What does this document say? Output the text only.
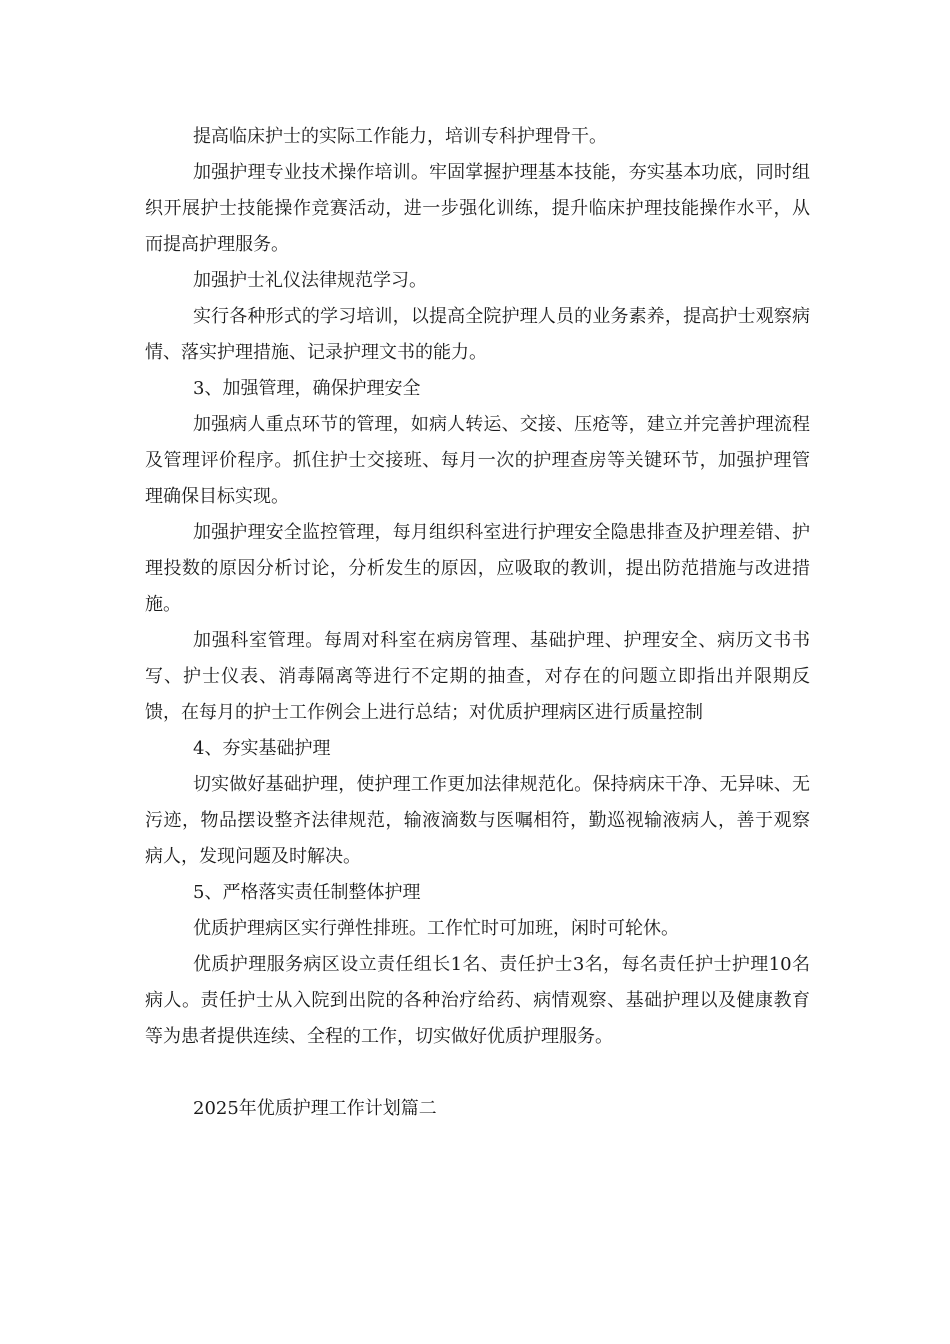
提高临床护士的实际工作能力，培训专科护理骨干。

加强护理专业技术操作培训。牢固掌握护理基本技能，夯实基本功底，同时组织开展护士技能操作竞赛活动，进一步强化训练，提升临床护理技能操作水平，从而提高护理服务。

加强护士礼仪法律规范学习。

实行各种形式的学习培训，以提高全院护理人员的业务素养，提高护士观察病情、落实护理措施、记录护理文书的能力。

3、加强管理，确保护理安全

加强病人重点环节的管理，如病人转运、交接、压疮等，建立并完善护理流程及管理评价程序。抓住护士交接班、每月一次的护理查房等关键环节，加强护理管理确保目标实现。

加强护理安全监控管理，每月组织科室进行护理安全隐患排查及护理差错、护理投数的原因分析讨论，分析发生的原因，应吸取的教训，提出防范措施与改进措施。

加强科室管理。每周对科室在病房管理、基础护理、护理安全、病历文书书写、护士仪表、消毒隔离等进行不定期的抽查，对存在的问题立即指出并限期反馈，在每月的护士工作例会上进行总结；对优质护理病区进行质量控制

4、夯实基础护理

切实做好基础护理，使护理工作更加法律规范化。保持病床干净、无异味、无污迹，物品摆设整齐法律规范，输液滴数与医嘱相符，勤巡视输液病人，善于观察病人，发现问题及时解决。

5、严格落实责任制整体护理

优质护理病区实行弹性排班。工作忙时可加班，闲时可轮休。

优质护理服务病区设立责任组长1名、责任护士3名，每名责任护士护理10名病人。责任护士从入院到出院的各种治疗给药、病情观察、基础护理以及健康教育等为患者提供连续、全程的工作，切实做好优质护理服务。

2025年优质护理工作计划篇二
